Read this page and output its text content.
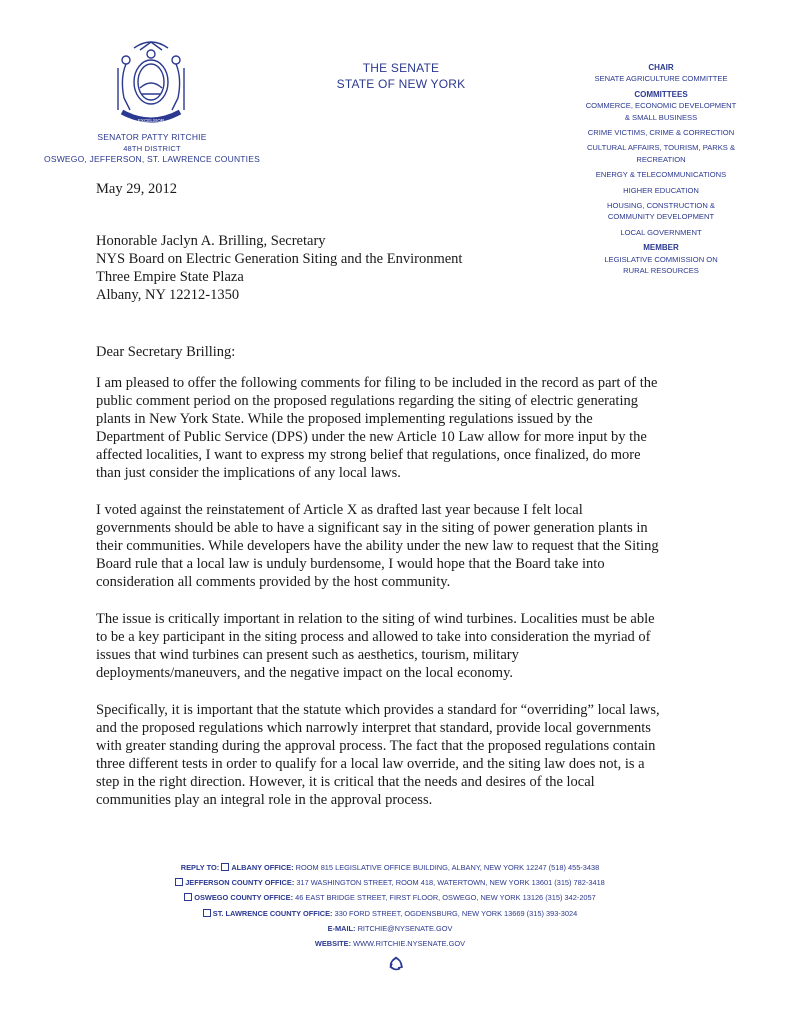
EXCELSIOR
SENATOR PATTY RITCHIE
48TH DISTRICT
OSWEGO, JEFFERSON, ST. LAWRENCE COUNTIES
THE SENATE
STATE OF NEW YORK
CHAIR
SENATE AGRICULTURE COMMITTEE
COMMITTEES
COMMERCE, ECONOMIC DEVELOPMENT
& SMALL BUSINESS
CRIME VICTIMS, CRIME & CORRECTION
CULTURAL AFFAIRS, TOURISM, PARKS &
RECREATION
ENERGY & TELECOMMUNICATIONS
HIGHER EDUCATION
HOUSING, CONSTRUCTION &
COMMUNITY DEVELOPMENT
LOCAL GOVERNMENT
MEMBER
LEGISLATIVE COMMISSION ON
RURAL RESOURCES
May 29, 2012
Honorable Jaclyn A. Brilling, Secretary
NYS Board on Electric Generation Siting and the Environment
Three Empire State Plaza
Albany, NY 12212-1350
Dear Secretary Brilling:
I am pleased to offer the following comments for filing to be included in the record as part of the
public comment period on the proposed regulations regarding the siting of electric generating
plants in New York State. While the proposed implementing regulations issued by the
Department of Public Service (DPS) under the new Article 10 Law allow for more input by the
affected localities, I want to express my strong belief that regulations, once finalized, do more
than just consider the implications of any local laws.
I voted against the reinstatement of Article X as drafted last year because I felt local
governments should be able to have a significant say in the siting of power generation plants in
their communities. While developers have the ability under the new law to request that the Siting
Board rule that a local law is unduly burdensome, I would hope that the Board take into
consideration all comments provided by the host community.
The issue is critically important in relation to the siting of wind turbines. Localities must be able
to be a key participant in the siting process and allowed to take into consideration the myriad of
issues that wind turbines can present such as aesthetics, tourism, military
deployments/maneuvers, and the negative impact on the local economy.
Specifically, it is important that the statute which provides a standard for “overriding” local laws,
and the proposed regulations which narrowly interpret that standard, provide local governments
with greater standing during the approval process. The fact that the proposed regulations contain
three different tests in order to qualify for a local law override, and the siting law does not, is a
step in the right direction. However, it is critical that the needs and desires of the local
communities play an integral role in the approval process.
REPLY TO: ALBANY OFFICE: ROOM 815 LEGISLATIVE OFFICE BUILDING, ALBANY, NEW YORK 12247 (518) 455-3438
JEFFERSON COUNTY OFFICE: 317 WASHINGTON STREET, ROOM 418, WATERTOWN, NEW YORK 13601 (315) 782-3418
OSWEGO COUNTY OFFICE: 46 EAST BRIDGE STREET, FIRST FLOOR, OSWEGO, NEW YORK 13126 (315) 342-2057
ST. LAWRENCE COUNTY OFFICE: 330 FORD STREET, OGDENSBURG, NEW YORK 13669 (315) 393-3024
E-MAIL: RITCHIE@NYSENATE.GOV
WEBSITE: WWW.RITCHIE.NYSENATE.GOV
